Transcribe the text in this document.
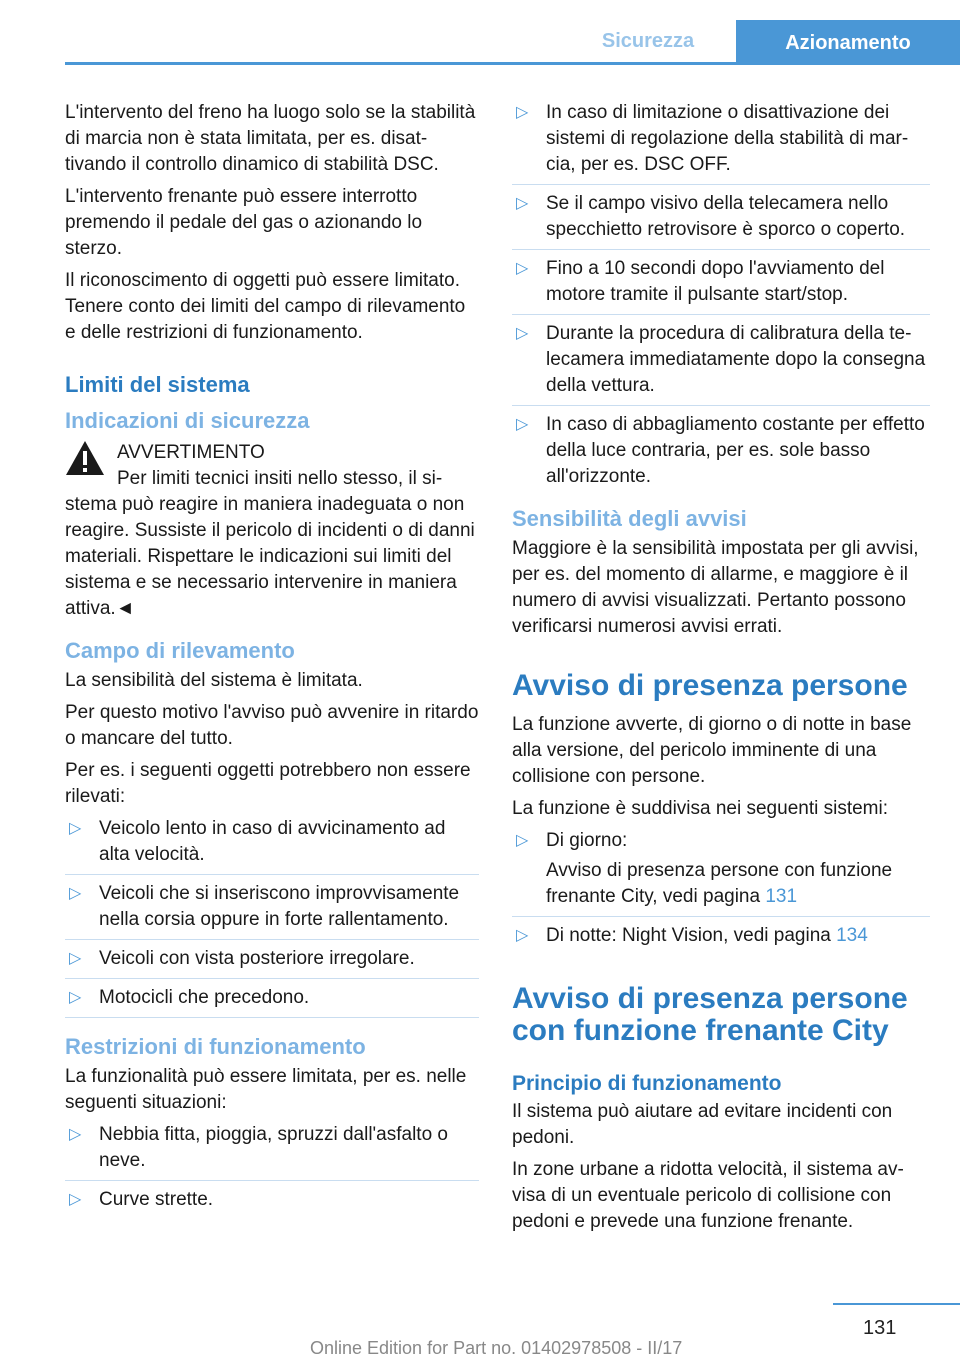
Sicurezza	Azionamento

L'intervento del freno ha luogo solo se la stabilità di marcia non è stata limitata, per es. disattivando il controllo dinamico di stabilità DSC.

L'intervento frenante può essere interrotto premendo il pedale del gas o azionando lo sterzo.

Il riconoscimento di oggetti può essere limitato. Tenere conto dei limiti del campo di rilevamento e delle restrizioni di funzionamento.

Limiti del sistema
Indicazioni di sicurezza
AVVERTIMENTO

Per limiti tecnici insiti nello stesso, il sistema può reagire in maniera inadeguata o non reagire. Sussiste il pericolo di incidenti o di danni materiali. Rispettare le indicazioni sui limiti del sistema e se necessario intervenire in maniera attiva.◄

Campo di rilevamento

La sensibilità del sistema è limitata.

Per questo motivo l'avviso può avvenire in ritardo o mancare del tutto.

Per es. i seguenti oggetti potrebbero non essere rilevati:

▷ Veicolo lento in caso di avvicinamento ad alta velocità.
▷ Veicoli che si inseriscono improvvisamente nella corsia oppure in forte rallentamento.
▷ Veicoli con vista posteriore irregolare.
▷ Motocicli che precedono.
Restrizioni di funzionamento

La funzionalità può essere limitata, per es. nelle seguenti situazioni:

▷ Nebbia fitta, pioggia, spruzzi dall'asfalto o neve.
▷ Curve strette.
▷ In caso di limitazione o disattivazione dei sistemi di regolazione della stabilità di marcia, per es. DSC OFF.
▷ Se il campo visivo della telecamera nello specchietto retrovisore è sporco o coperto.
▷ Fino a 10 secondi dopo l'avviamento del motore tramite il pulsante start/stop.
▷ Durante la procedura di calibratura della telecamera immediatamente dopo la consegna della vettura.
▷ In caso di abbagliamento costante per effetto della luce contraria, per es. sole basso all'orizzonte.
Sensibilità degli avvisi

Maggiore è la sensibilità impostata per gli avvisi, per es. del momento di allarme, e maggiore è il numero di avvisi visualizzati. Pertanto possono verificarsi numerosi avvisi errati.

Avviso di presenza persone

La funzione avverte, di giorno o di notte in base alla versione, del pericolo imminente di una collisione con persone.

La funzione è suddivisa nei seguenti sistemi:

▷ Di giorno:
Avviso di presenza persone con funzione frenante City, vedi pagina 131
▷ Di notte: Night Vision, vedi pagina 134
Avviso di presenza persone con funzione frenante City
Principio di funzionamento

Il sistema può aiutare ad evitare incidenti con pedoni.

In zone urbane a ridotta velocità, il sistema avvisa di un eventuale pericolo di collisione con pedoni e prevede una funzione frenante.

131
Online Edition for Part no. 01402978508 - II/17
